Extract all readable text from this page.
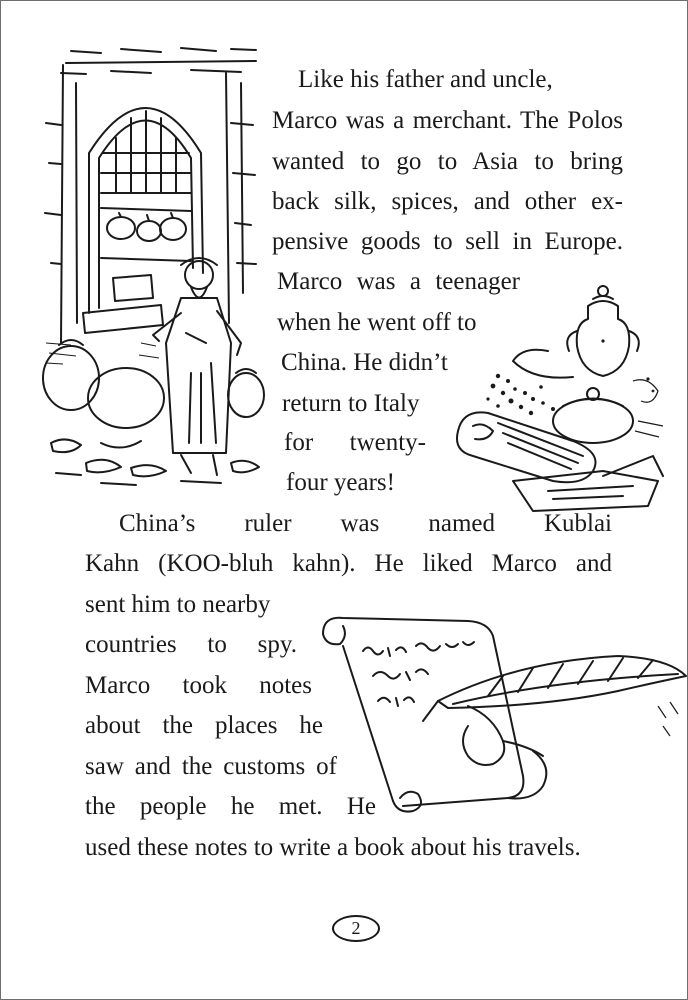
Like his father and uncle,
Marco was a merchant. The Polos
wanted to go to Asia to bring
back silk, spices, and other ex-
pensive goods to sell in Europe.
Marco was a teenager
when he went off to
China. He didn’t
return to Italy
for twenty-
four years!
China’s ruler was named Kublai
Kahn (KOO-bluh kahn). He liked Marco and
sent him to nearby
countries to spy.
Marco took notes
about the places he
saw and the customs of
the people he met. He
used these notes to write a book about his travels.
2
